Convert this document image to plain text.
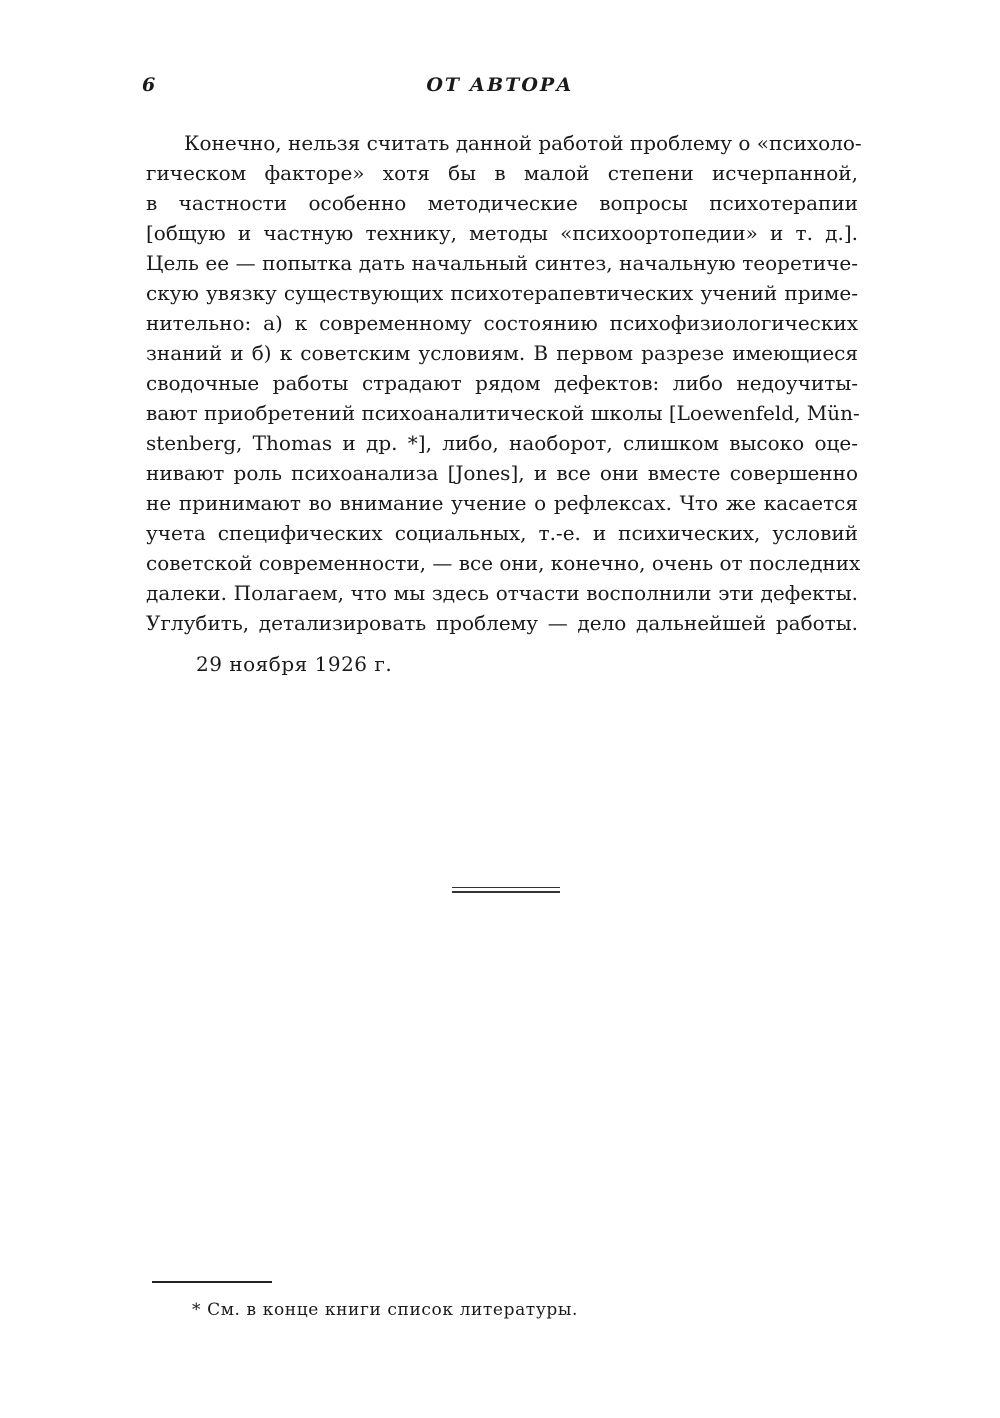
6	ОТ АВТОРА
Конечно, нельзя считать данной работой проблему о «психоло-
гическом факторе» хотя бы в малой степени исчерпанной,
в частности особенно методические вопросы психотерапии
[общую и частную технику, методы «психоортопедии» и т. д.].
Цель ее — попытка дать начальный синтез, начальную теоретиче-
скую увязку существующих психотерапевтических учений приме-
нительно: а) к современному состоянию психофизиологических
знаний и б) к советским условиям. В первом разрезе имеющиеся
сводочные работы страдают рядом дефектов: либо недоучиты-
вают приобретений психоаналитической школы [Loewenfeld, Mün-
stenberg, Thomas и др. *], либо, наоборот, слишком высоко оце-
нивают роль психоанализа [Jones], и все они вместе совершенно
не принимают во внимание учение о рефлексах. Что же касается
учета специфических социальных, т.-е. и психических, условий
советской современности, — все они, конечно, очень от последних
далеки. Полагаем, что мы здесь отчасти восполнили эти дефекты.
Углубить, детализировать проблему — дело дальнейшей работы.
29 ноября 1926 г.
* См. в конце книги список литературы.
